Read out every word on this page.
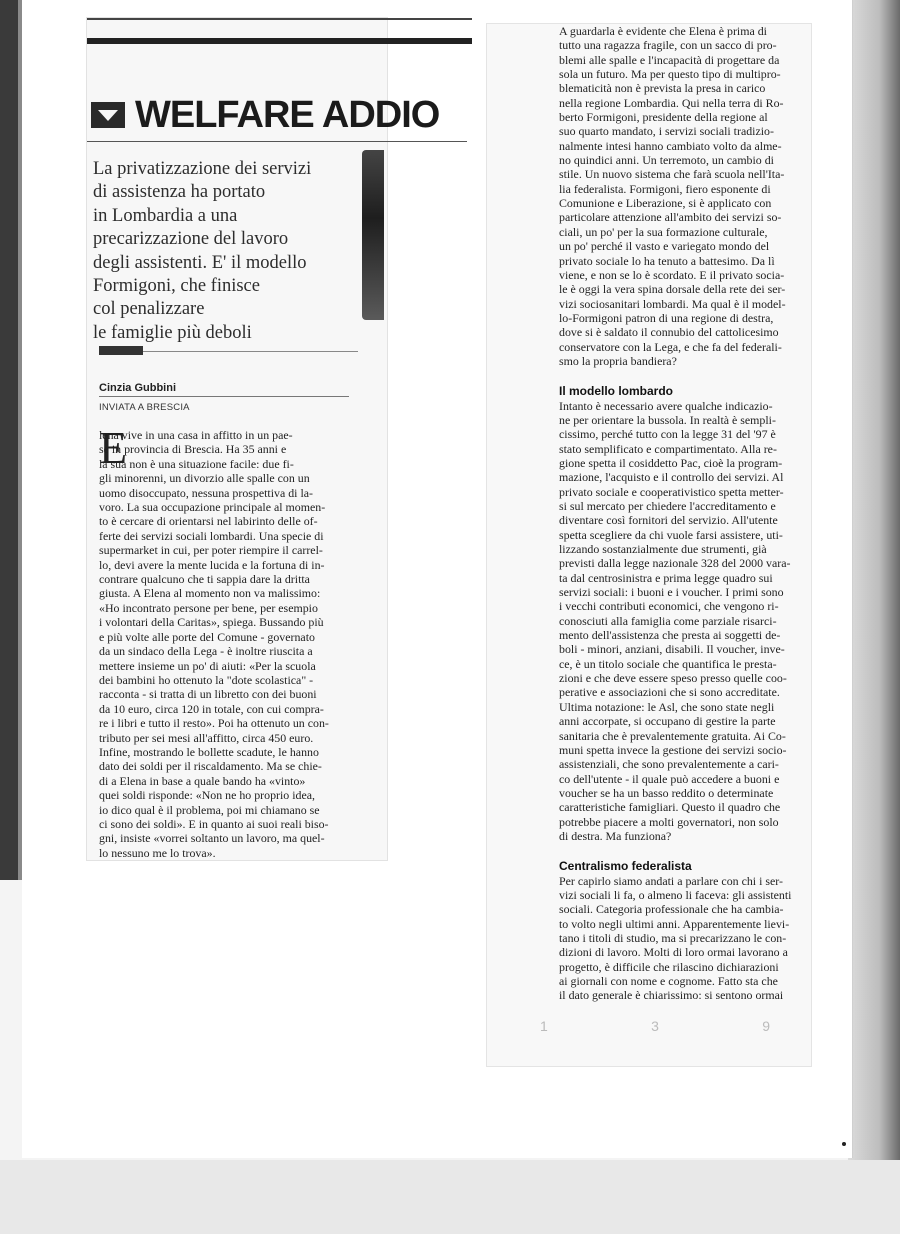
WELFARE ADDIO
La privatizzazione dei servizi
di assistenza ha portato
in Lombardia a una
precarizzazione del lavoro
degli assistenti. E' il modello
Formigoni, che finisce
col penalizzare
le famiglie più deboli
Cinzia Gubbini
INVIATA A BRESCIA
E
lena vive in una casa in affitto in un pae-
se in provincia di Brescia. Ha 35 anni e
la sua non è una situazione facile: due fi-
gli minorenni, un divorzio alle spalle con un
uomo disoccupato, nessuna prospettiva di la-
voro. La sua occupazione principale al momen-
to è cercare di orientarsi nel labirinto delle of-
ferte dei servizi sociali lombardi. Una specie di
supermarket in cui, per poter riempire il carrel-
lo, devi avere la mente lucida e la fortuna di in-
contrare qualcuno che ti sappia dare la dritta
giusta. A Elena al momento non va malissimo:
«Ho incontrato persone per bene, per esempio
i volontari della Caritas», spiega. Bussando più
e più volte alle porte del Comune - governato
da un sindaco della Lega - è inoltre riuscita a
mettere insieme un po' di aiuti: «Per la scuola
dei bambini ho ottenuto la "dote scolastica" -
racconta - si tratta di un libretto con dei buoni
da 10 euro, circa 120 in totale, con cui compra-
re i libri e tutto il resto». Poi ha ottenuto un con-
tributo per sei mesi all'affitto, circa 450 euro.
Infine, mostrando le bollette scadute, le hanno
dato dei soldi per il riscaldamento. Ma se chie-
di a Elena in base a quale bando ha «vinto»
quei soldi risponde: «Non ne ho proprio idea,
io dico qual è il problema, poi mi chiamano se
ci sono dei soldi». E in quanto ai suoi reali biso-
gni, insiste «vorrei soltanto un lavoro, ma quel-
lo nessuno me lo trova».
A guardarla è evidente che Elena è prima di
tutto una ragazza fragile, con un sacco di pro-
blemi alle spalle e l'incapacità di progettare da
sola un futuro. Ma per questo tipo di multipro-
blematicità non è prevista la presa in carico
nella regione Lombardia. Qui nella terra di Ro-
berto Formigoni, presidente della regione al
suo quarto mandato, i servizi sociali tradizio-
nalmente intesi hanno cambiato volto da alme-
no quindici anni. Un terremoto, un cambio di
stile. Un nuovo sistema che farà scuola nell'Ita-
lia federalista. Formigoni, fiero esponente di
Comunione e Liberazione, si è applicato con
particolare attenzione all'ambito dei servizi so-
ciali, un po' per la sua formazione culturale,
un po' perché il vasto e variegato mondo del
privato sociale lo ha tenuto a battesimo. Da lì
viene, e non se lo è scordato. E il privato socia-
le è oggi la vera spina dorsale della rete dei ser-
vizi sociosanitari lombardi. Ma qual è il model-
lo-Formigoni patron di una regione di destra,
dove si è saldato il connubio del cattolicesimo
conservatore con la Lega, e che fa del federali-
smo la propria bandiera?
Il modello lombardo
Intanto è necessario avere qualche indicazio-
ne per orientare la bussola. In realtà è sempli-
cissimo, perché tutto con la legge 31 del '97 è
stato semplificato e compartimentato. Alla re-
gione spetta il cosiddetto Pac, cioè la program-
mazione, l'acquisto e il controllo dei servizi. Al
privato sociale e cooperativistico spetta metter-
si sul mercato per chiedere l'accreditamento e
diventare così fornitori del servizio. All'utente
spetta scegliere da chi vuole farsi assistere, uti-
lizzando sostanzialmente due strumenti, già
previsti dalla legge nazionale 328 del 2000 vara-
ta dal centrosinistra e prima legge quadro sui
servizi sociali: i buoni e i voucher. I primi sono
i vecchi contributi economici, che vengono ri-
conosciuti alla famiglia come parziale risarci-
mento dell'assistenza che presta ai soggetti de-
boli - minori, anziani, disabili. Il voucher, inve-
ce, è un titolo sociale che quantifica le presta-
zioni e che deve essere speso presso quelle coo-
perative e associazioni che si sono accreditate.
Ultima notazione: le Asl, che sono state negli
anni accorpate, si occupano di gestire la parte
sanitaria che è prevalentemente gratuita. Ai Co-
muni spetta invece la gestione dei servizi socio-
assistenziali, che sono prevalentemente a cari-
co dell'utente - il quale può accedere a buoni e
voucher se ha un basso reddito o determinate
caratteristiche famigliari. Questo il quadro che
potrebbe piacere a molti governatori, non solo
di destra. Ma funziona?
Centralismo federalista
Per capirlo siamo andati a parlare con chi i ser-
vizi sociali li fa, o almeno li faceva: gli assistenti
sociali. Categoria professionale che ha cambia-
to volto negli ultimi anni. Apparentemente lievi-
tano i titoli di studio, ma si precarizzano le con-
dizioni di lavoro. Molti di loro ormai lavorano a
progetto, è difficile che rilascino dichiarazioni
ai giornali con nome e cognome. Fatto sta che
il dato generale è chiarissimo: si sentono ormai
1	3	9
